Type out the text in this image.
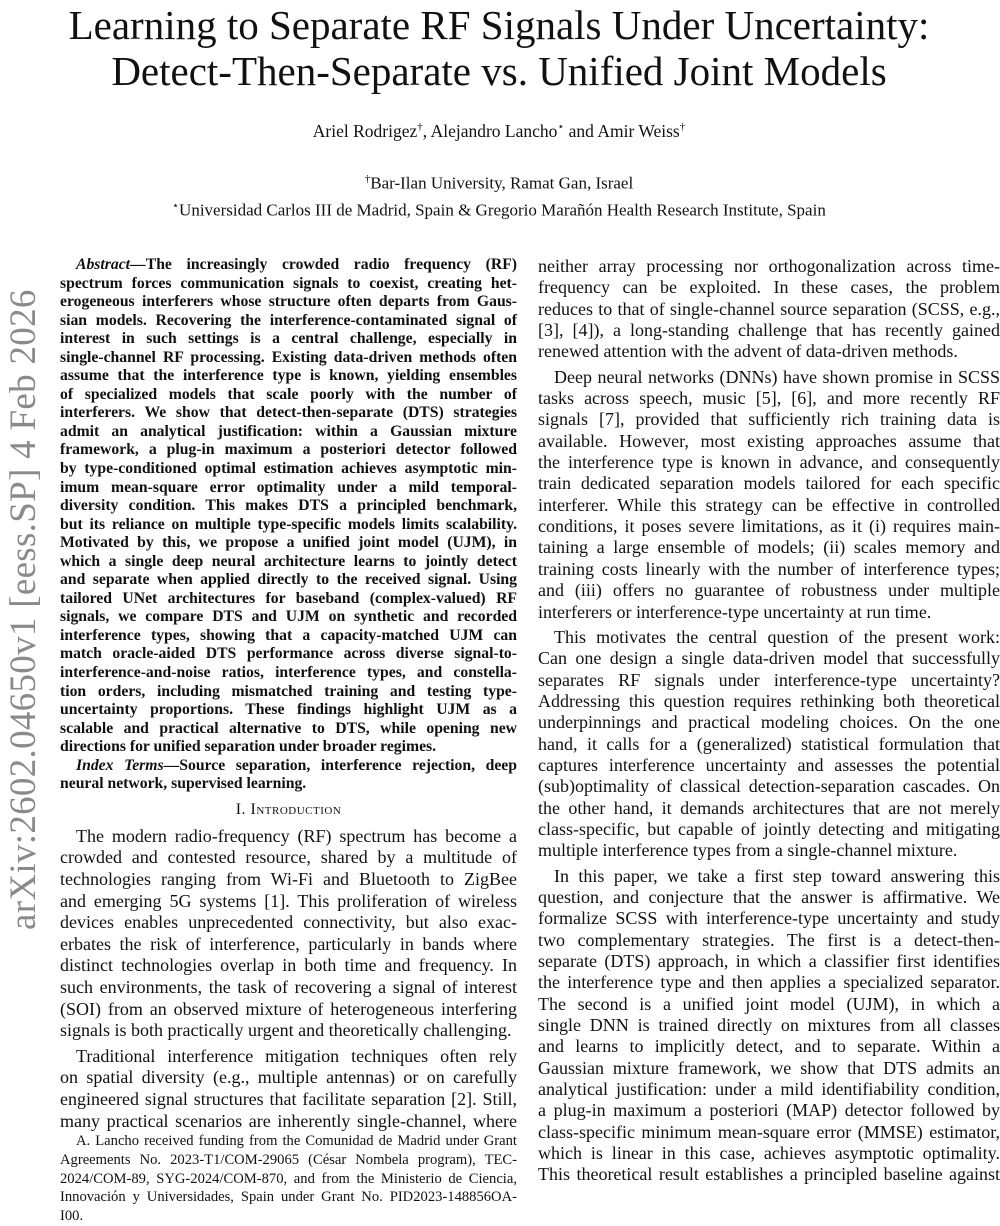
arXiv:2602.04650v1 [eess.SP] 4 Feb 2026
Learning to Separate RF Signals Under Uncertainty:
Detect-Then-Separate vs. Unified Joint Models
Ariel Rodrigez†, Alejandro Lancho⋆ and Amir Weiss†
†Bar-Ilan University, Ramat Gan, Israel
⋆Universidad Carlos III de Madrid, Spain & Gregorio Marañón Health Research Institute, Spain
Abstract—The increasingly crowded radio frequency (RF)
spectrum forces communication signals to coexist, creating het-
erogeneous interferers whose structure often departs from Gaus-
sian models. Recovering the interference-contaminated signal of
interest in such settings is a central challenge, especially in
single-channel RF processing. Existing data-driven methods often
assume that the interference type is known, yielding ensembles
of specialized models that scale poorly with the number of
interferers. We show that detect-then-separate (DTS) strategies
admit an analytical justification: within a Gaussian mixture
framework, a plug-in maximum a posteriori detector followed
by type-conditioned optimal estimation achieves asymptotic min-
imum mean-square error optimality under a mild temporal-
diversity condition. This makes DTS a principled benchmark,
but its reliance on multiple type-specific models limits scalability.
Motivated by this, we propose a unified joint model (UJM), in
which a single deep neural architecture learns to jointly detect
and separate when applied directly to the received signal. Using
tailored UNet architectures for baseband (complex-valued) RF
signals, we compare DTS and UJM on synthetic and recorded
interference types, showing that a capacity-matched UJM can
match oracle-aided DTS performance across diverse signal-to-
interference-and-noise ratios, interference types, and constella-
tion orders, including mismatched training and testing type-
uncertainty proportions. These findings highlight UJM as a
scalable and practical alternative to DTS, while opening new
directions for unified separation under broader regimes.
Index Terms—Source separation, interference rejection, deep
neural network, supervised learning.
I. Introduction
The modern radio-frequency (RF) spectrum has become a
crowded and contested resource, shared by a multitude of
technologies ranging from Wi-Fi and Bluetooth to ZigBee
and emerging 5G systems [1]. This proliferation of wireless
devices enables unprecedented connectivity, but also exac-
erbates the risk of interference, particularly in bands where
distinct technologies overlap in both time and frequency. In
such environments, the task of recovering a signal of interest
(SOI) from an observed mixture of heterogeneous interfering
signals is both practically urgent and theoretically challenging.
Traditional interference mitigation techniques often rely
on spatial diversity (e.g., multiple antennas) or on carefully
engineered signal structures that facilitate separation [2]. Still,
many practical scenarios are inherently single-channel, where
A. Lancho received funding from the Comunidad de Madrid under Grant
Agreements No. 2023-T1/COM-29065 (César Nombela program), TEC-
2024/COM-89, SYG-2024/COM-870, and from the Ministerio de Ciencia,
Innovación y Universidades, Spain under Grant No. PID2023-148856OA-I00.
neither array processing nor orthogonalization across time-
frequency can be exploited. In these cases, the problem
reduces to that of single-channel source separation (SCSS, e.g.,
[3], [4]), a long-standing challenge that has recently gained
renewed attention with the advent of data-driven methods.
Deep neural networks (DNNs) have shown promise in SCSS
tasks across speech, music [5], [6], and more recently RF
signals [7], provided that sufficiently rich training data is
available. However, most existing approaches assume that
the interference type is known in advance, and consequently
train dedicated separation models tailored for each specific
interferer. While this strategy can be effective in controlled
conditions, it poses severe limitations, as it (i) requires main-
taining a large ensemble of models; (ii) scales memory and
training costs linearly with the number of interference types;
and (iii) offers no guarantee of robustness under multiple
interferers or interference-type uncertainty at run time.
This motivates the central question of the present work:
Can one design a single data-driven model that successfully
separates RF signals under interference-type uncertainty?
Addressing this question requires rethinking both theoretical
underpinnings and practical modeling choices. On the one
hand, it calls for a (generalized) statistical formulation that
captures interference uncertainty and assesses the potential
(sub)optimality of classical detection-separation cascades. On
the other hand, it demands architectures that are not merely
class-specific, but capable of jointly detecting and mitigating
multiple interference types from a single-channel mixture.
In this paper, we take a first step toward answering this
question, and conjecture that the answer is affirmative. We
formalize SCSS with interference-type uncertainty and study
two complementary strategies. The first is a detect-then-
separate (DTS) approach, in which a classifier first identifies
the interference type and then applies a specialized separator.
The second is a unified joint model (UJM), in which a
single DNN is trained directly on mixtures from all classes
and learns to implicitly detect, and to separate. Within a
Gaussian mixture framework, we show that DTS admits an
analytical justification: under a mild identifiability condition,
a plug-in maximum a posteriori (MAP) detector followed by
class-specific minimum mean-square error (MMSE) estimator,
which is linear in this case, achieves asymptotic optimality.
This theoretical result establishes a principled baseline against
